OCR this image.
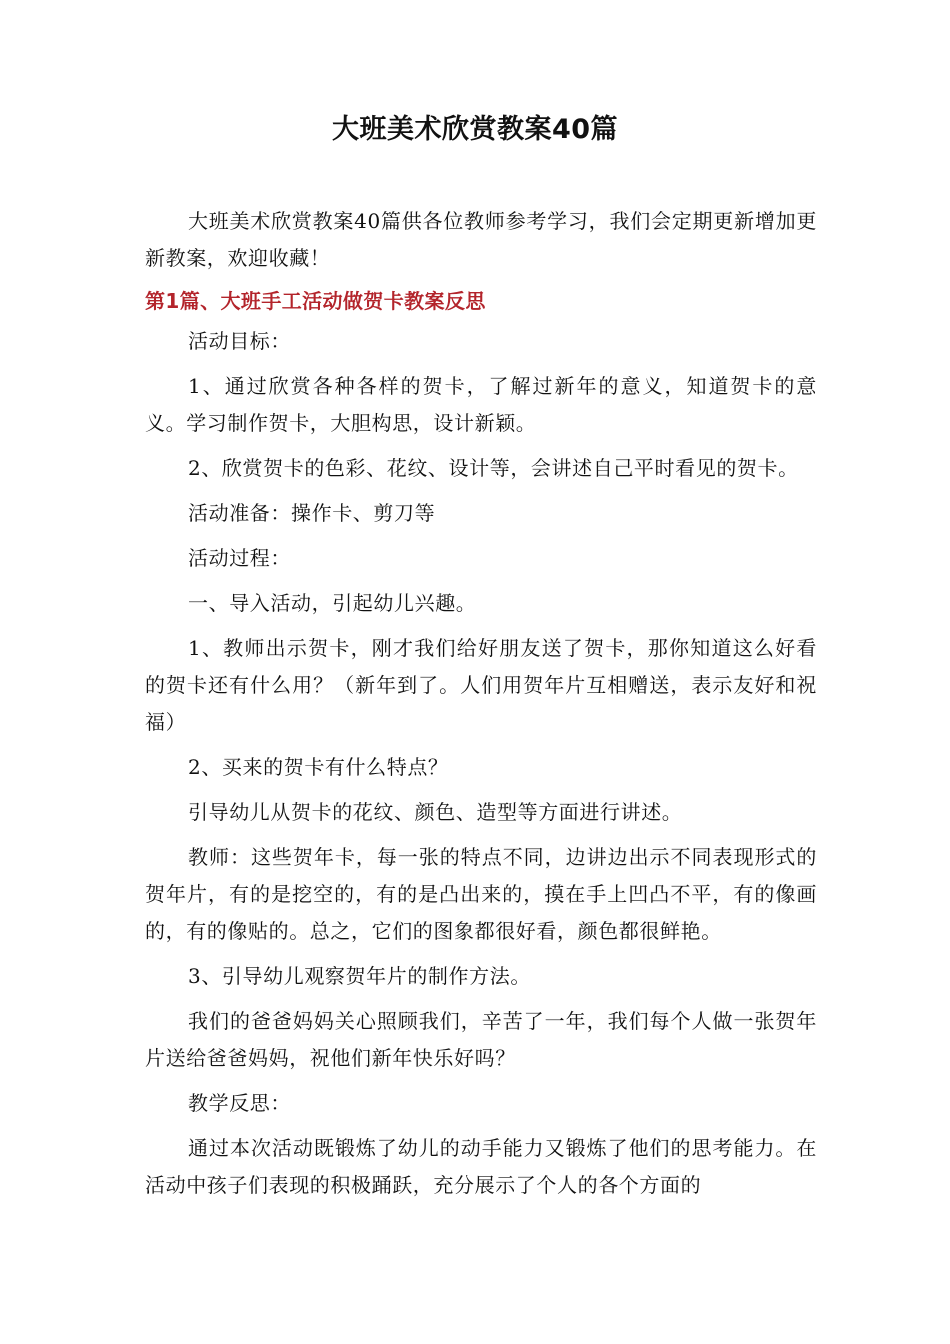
大班美术欣赏教案40篇

大班美术欣赏教案40篇供各位教师参考学习，我们会定期更新增加更新教案，欢迎收藏！

第1篇、大班手工活动做贺卡教案反思

活动目标：

1、通过欣赏各种各样的贺卡，了解过新年的意义，知道贺卡的意义。学习制作贺卡，大胆构思，设计新颖。

2、欣赏贺卡的色彩、花纹、设计等，会讲述自己平时看见的贺卡。

活动准备：操作卡、剪刀等

活动过程：

一、导入活动，引起幼儿兴趣。

1、教师出示贺卡，刚才我们给好朋友送了贺卡，那你知道这么好看的贺卡还有什么用？（新年到了。人们用贺年片互相赠送，表示友好和祝福）

2、买来的贺卡有什么特点？

引导幼儿从贺卡的花纹、颜色、造型等方面进行讲述。

教师：这些贺年卡，每一张的特点不同，边讲边出示不同表现形式的贺年片，有的是挖空的，有的是凸出来的，摸在手上凹凸不平，有的像画的，有的像贴的。总之，它们的图象都很好看，颜色都很鲜艳。

3、引导幼儿观察贺年片的制作方法。

我们的爸爸妈妈关心照顾我们，辛苦了一年，我们每个人做一张贺年片送给爸爸妈妈，祝他们新年快乐好吗？

教学反思：

通过本次活动既锻炼了幼儿的动手能力又锻炼了他们的思考能力。在活动中孩子们表现的积极踊跃，充分展示了个人的各个方面的
